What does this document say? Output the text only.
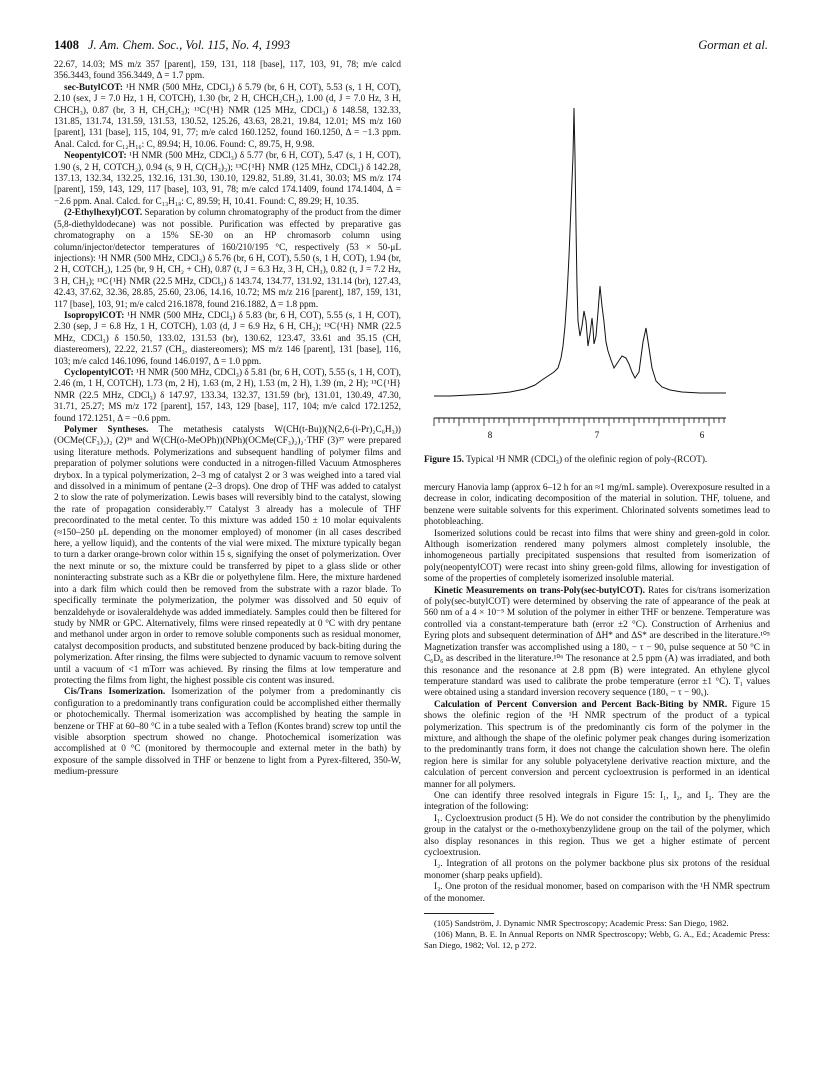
1408 J. Am. Chem. Soc., Vol. 115, No. 4, 1993	Gorman et al.

22.67, 14.03; MS m/z 357 [parent], 159, 131, 118 [base], 117, 103, 91, 78; m/e calcd 356.3443, found 356.3449, Δ = 1.7 ppm.

sec-ButylCOT: ¹H NMR (500 MHz, CDCl₃) δ 5.79 (br, 6 H, COT), 5.53 (s, 1 H, COT), 2.10 (sex, J = 7.0 Hz, 1 H, COTCH), 1.30 (br, 2 H, CHCH₂CH₃), 1.00 (d, J = 7.0 Hz, 3 H, CHCH₃), 0.87 (br, 3 H, CH₂CH₃); ¹³C{¹H} NMR (125 MHz, CDCl₃) δ 148.58, 132.33, 131.85, 131.74, 131.59, 131.53, 130.52, 125.26, 43.63, 28.21, 19.84, 12.01; MS m/z 160 [parent], 131 [base], 115, 104, 91, 77; m/e calcd 160.1252, found 160.1250, Δ = −1.3 ppm. Anal. Calcd. for C₁₂H₁₆: C, 89.94; H, 10.06. Found: C, 89.75, H, 9.98.

NeopentylCOT: ¹H NMR (500 MHz, CDCl₃) δ 5.77 (br, 6 H, COT), 5.47 (s, 1 H, COT), 1.90 (s, 2 H, COTCH₂), 0.94 (s, 9 H, C(CH₃)₃); ¹³C{¹H} NMR (125 MHz, CDCl₃) δ 142.28, 137.13, 132.34, 132.25, 132.16, 131.30, 130.10, 129.82, 51.89, 31.41, 30.03; MS m/z 174 [parent], 159, 143, 129, 117 [base], 103, 91, 78; m/e calcd 174.1409, found 174.1404, Δ = −2.6 ppm. Anal. Calcd. for C₁₃H₁₈: C, 89.59; H, 10.41. Found: C, 89.29; H, 10.35.

(2-Ethylhexyl)COT. Separation by column chromatography of the product from the dimer (5,8-diethyldodecane) was not possible. Purification was effected by preparative gas chromatography on a 15% SE-30 on an HP chromasorb column using column/injector/detector temperatures of 160/210/195 °C, respectively (53 × 50-μL injections): ¹H NMR (500 MHz, CDCl₃) δ 5.76 (br, 6 H, COT), 5.50 (s, 1 H, COT), 1.94 (br, 2 H, COTCH₂), 1.25 (br, 9 H, CH₂ + CH), 0.87 (t, J = 6.3 Hz, 3 H, CH₃), 0.82 (t, J = 7.2 Hz, 3 H, CH₃); ¹³C{¹H} NMR (22.5 MHz, CDCl₃) δ 143.74, 134.77, 131.92, 131.14 (br), 127.43, 42.43, 37.62, 32.36, 28.85, 25.60, 23.06, 14.16, 10.72; MS m/z 216 [parent], 187, 159, 131, 117 [base], 103, 91; m/e calcd 216.1878, found 216.1882, Δ = 1.8 ppm.

IsopropylCOT: ¹H NMR (500 MHz, CDCl₃) δ 5.83 (br, 6 H, COT), 5.55 (s, 1 H, COT), 2.30 (sep, J = 6.8 Hz, 1 H, COTCH), 1.03 (d, J = 6.9 Hz, 6 H, CH₃); ¹³C{¹H} NMR (22.5 MHz, CDCl₃) δ 150.50, 133.02, 131.53 (br), 130.62, 123.47, 33.61 and 35.15 (CH, diastereomers), 22.22, 21.57 (CH₃, diastereomers); MS m/z 146 [parent], 131 [base], 116, 103; m/e calcd 146.1096, found 146.0197, Δ = 1.0 ppm.

CyclopentylCOT: ¹H NMR (500 MHz, CDCl₃) δ 5.81 (br, 6 H, COT), 5.55 (s, 1 H, COT), 2.46 (m, 1 H, COTCH), 1.73 (m, 2 H), 1.63 (m, 2 H), 1.53 (m, 2 H), 1.39 (m, 2 H); ¹³C{¹H} NMR (22.5 MHz, CDCl₃) δ 147.97, 133.34, 132.37, 131.59 (br), 131.01, 130.49, 47.30, 31.71, 25.27; MS m/z 172 [parent], 157, 143, 129 [base], 117, 104; m/e calcd 172.1252, found 172.1251, Δ = −0.6 ppm.

Polymer Syntheses. The metathesis catalysts W(CH(t-Bu))(N(2,6-(i-Pr)₂C₆H₃))(OCMe(CF₃)₂)₂ (2)³⁶ and W(CH(o-MeOPh))(NPh)(OCMe(CF₃)₂)₂·THF (3)³⁷ were prepared using literature methods. Polymerizations and subsequent handling of polymer films and preparation of polymer solutions were conducted in a nitrogen-filled Vacuum Atmospheres drybox. In a typical polymerization, 2–3 mg of catalyst 2 or 3 was weighed into a tared vial and dissolved in a minimum of pentane (2–3 drops). One drop of THF was added to catalyst 2 to slow the rate of polymerization. Lewis bases will reversibly bind to the catalyst, slowing the rate of propagation considerably.⁷⁷ Catalyst 3 already has a molecule of THF precoordinated to the metal center. To this mixture was added 150 ± 10 molar equivalents (≈150–250 μL depending on the monomer employed) of monomer (in all cases described here, a yellow liquid), and the contents of the vial were mixed. The mixture typically began to turn a darker orange-brown color within 15 s, signifying the onset of polymerization. Over the next minute or so, the mixture could be transferred by pipet to a glass slide or other noninteracting substrate such as a KBr die or polyethylene film. Here, the mixture hardened into a dark film which could then be removed from the substrate with a razor blade. To specifically terminate the polymerization, the polymer was dissolved and 50 equiv of benzaldehyde or isovaleraldehyde was added immediately. Samples could then be filtered for study by NMR or GPC. Alternatively, films were rinsed repeatedly at 0 °C with dry pentane and methanol under argon in order to remove soluble components such as residual monomer, catalyst decomposition products, and substituted benzene produced by back-biting during the polymerization. After rinsing, the films were subjected to dynamic vacuum to remove solvent until a vacuum of <1 mTorr was achieved. By rinsing the films at low temperature and protecting the films from light, the highest possible cis content was insured.

Cis/Trans Isomerization. Isomerization of the polymer from a predominantly cis configuration to a predominantly trans configuration could be accomplished either thermally or photochemically. Thermal isomerization was accomplished by heating the sample in benzene or THF at 60–80 °C in a tube sealed with a Teflon (Kontes brand) screw top until the visible absorption spectrum showed no change. Photochemical isomerization was accomplished at 0 °C (monitored by thermocouple and external meter in the bath) by exposure of the sample dissolved in THF or benzene to light from a Pyrex-filtered, 350-W, medium-pressure

8	7	6
Figure 15. Typical ¹H NMR (CDCl₃) of the olefinic region of poly-(RCOT).

mercury Hanovia lamp (approx 6–12 h for an ≈1 mg/mL sample). Overexposure resulted in a decrease in color, indicating decomposition of the material in solution. THF, toluene, and benzene were suitable solvents for this experiment. Chlorinated solvents sometimes lead to photobleaching.

Isomerized solutions could be recast into films that were shiny and green-gold in color. Although isomerization rendered many polymers almost completely insoluble, the inhomogeneous partially precipitated suspensions that resulted from isomerization of poly(neopentylCOT) were recast into shiny green-gold films, allowing for investigation of some of the properties of completely isomerized insoluble material.

Kinetic Measurements on trans-Poly(sec-butylCOT). Rates for cis/trans isomerization of poly(sec-butylCOT) were determined by observing the rate of appearance of the peak at 560 nm of a 4 × 10⁻⁵ M solution of the polymer in either THF or benzene. Temperature was controlled via a constant-temperature bath (error ±2 °C). Construction of Arrhenius and Eyring plots and subsequent determination of ΔH* and ΔS* are described in the literature.¹⁰⁵ Magnetization transfer was accomplished using a 180ₓ − τ − 90ₓ pulse sequence at 50 °C in C₆D₆ as described in the literature.¹⁰⁶ The resonance at 2.5 ppm (A) was irradiated, and both this resonance and the resonance at 2.8 ppm (B) were integrated. An ethylene glycol temperature standard was used to calibrate the probe temperature (error ±1 °C). T₁ values were obtained using a standard inversion recovery sequence (180ₓ − τ − 90ₓ).

Calculation of Percent Conversion and Percent Back-Biting by NMR. Figure 15 shows the olefinic region of the ¹H NMR spectrum of the product of a typical polymerization. This spectrum is of the predominantly cis form of the polymer in the mixture, and although the shape of the olefinic polymer peak changes during isomerization to the predominantly trans form, it does not change the calculation shown here. The olefin region here is similar for any soluble polyacetylene derivative reaction mixture, and the calculation of percent conversion and percent cycloextrusion is performed in an identical manner for all polymers.

One can identify three resolved integrals in Figure 15: I₁, I₂, and I₃. They are the integration of the following:

I₁. Cycloextrusion product (5 H). We do not consider the contribution by the phenylimido group in the catalyst or the o-methoxybenzylidene group on the tail of the polymer, which also display resonances in this region. Thus we get a higher estimate of percent cycloextrusion.

I₂. Integration of all protons on the polymer backbone plus six protons of the residual monomer (sharp peaks upfield).

I₃. One proton of the residual monomer, based on comparison with the ¹H NMR spectrum of the monomer.

(105) Sandström, J. Dynamic NMR Spectroscopy; Academic Press: San Diego, 1982.

(106) Mann, B. E. In Annual Reports on NMR Spectroscopy; Webb, G. A., Ed.; Academic Press: San Diego, 1982; Vol. 12, p 272.
